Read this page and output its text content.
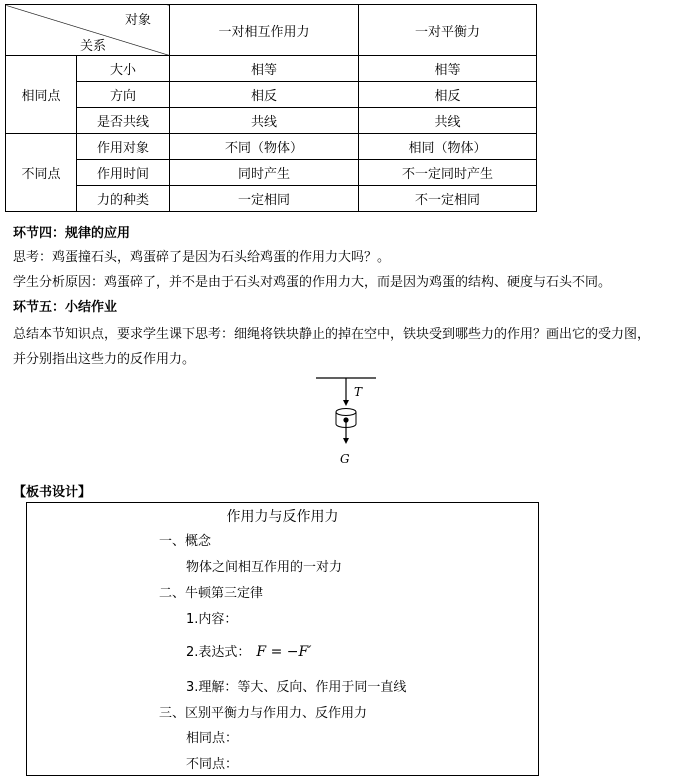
对象
关系		一对相互作用力	一对平衡力
相同点	大小	相等	相等
	方向	相反	相反
	是否共线	共线	共线
不同点	作用对象	不同（物体）	相同（物体）
	作用时间	同时产生	不一定同时产生
	力的种类	一定相同	不一定相同
环节四：规律的应用
思考：鸡蛋撞石头，鸡蛋碎了是因为石头给鸡蛋的作用力大吗？。
学生分析原因：鸡蛋碎了，并不是由于石头对鸡蛋的作用力大，而是因为鸡蛋的结构、硬度与石头不同。
环节五：小结作业
总结本节知识点，要求学生课下思考：细绳将铁块静止的掉在空中，铁块受到哪些力的作用？画出它的受力图，
并分别指出这些力的反作用力。
T
G
【板书设计】
作用力与反作用力
一、概念
物体之间相互作用的一对力
二、牛顿第三定律
1.内容：
2.表达式： F = −F′
3.理解：等大、反向、作用于同一直线
三、区别平衡力与作用力、反作用力
相同点：
不同点：
